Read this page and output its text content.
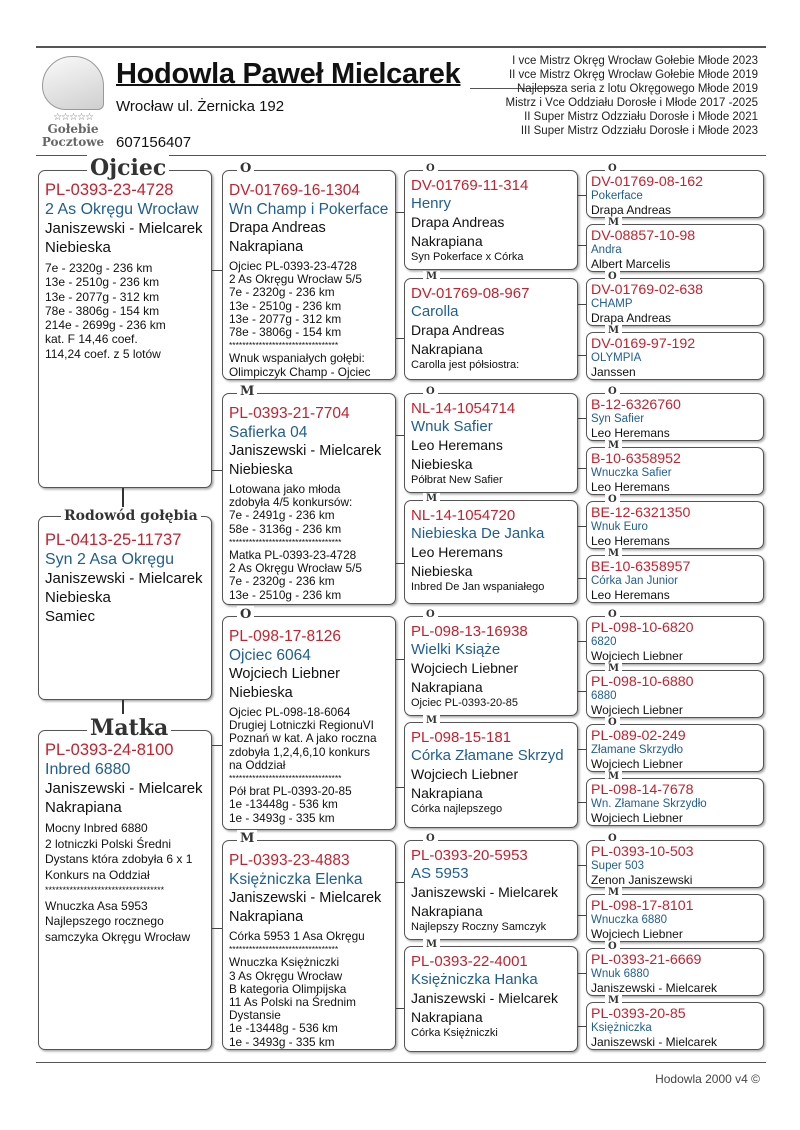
☆☆☆☆☆
Gołebie
Pocztowe
Hodowla Paweł Mielcarek
Wrocław ul. Żernicka 192
607156407
I vce Mistrz Okręg Wrocław Gołebie Młode 2023
II vce Mistrz Okręg Wrocław Gołebie Młode 2019
Najlepsza seria z lotu Okręgowego Młode 2019
Mistrz i Vce Oddziału Dorosłe i Młode 2017 -2025
II Super Mistrz Odzziału Dorosłe i Młode 2021
III Super Mistrz Odzziału Dorosłe i Młode 2023
Ojciec
PL-0393-23-4728
2 As Okręgu Wrocław
Janiszewski - Mielcarek
Niebieska
7e - 2320g - 236 km
13e - 2510g - 236 km
13e - 2077g - 312 km
78e - 3806g - 154 km
214e - 2699g - 236 km
kat. F 14,46 coef.
114,24 coef. z 5 lotów
Rodowód gołębia
PL-0413-25-11737
Syn 2 Asa Okręgu
Janiszewski - Mielcarek
Niebieska
Samiec
Matka
PL-0393-24-8100
Inbred 6880
Janiszewski - Mielcarek
Nakrapiana
Mocny Inbred 6880
2 lotniczki Polski Średni
Dystans która zdobyła 6 x 1
Konkurs na Oddział
**********************************
Wnuczka Asa 5953
Najlepszego rocznego
samczyka Okręgu Wrocław
O
DV-01769-16-1304
Wn Champ i Pokerface
Drapa Andreas
Nakrapiana
Ojciec PL-0393-23-4728
2 As Okręgu Wrocław 5/5
7e - 2320g - 236 km
13e - 2510g - 236 km
13e - 2077g - 312 km
78e - 3806g - 154 km
*********************************
Wnuk wspaniałych gołębi:
Olimpiczyk Champ - Ojciec
M
PL-0393-21-7704
Safierka 04
Janiszewski - Mielcarek
Niebieska
Lotowana jako młoda
zdobyła 4/5 konkursów:
7e - 2491g - 236 km
58e - 3136g - 236 km
**********************************
Matka PL-0393-23-4728
2 As Okręgu Wrocław 5/5
7e - 2320g - 236 km
13e - 2510g - 236 km
O
PL-098-17-8126
Ojciec 6064
Wojciech Liebner
Niebieska
Ojciec PL-098-18-6064
Drugiej Lotniczki RegionuVI
Poznań w kat. A jako roczna
zdobyła 1,2,4,6,10 konkurs
na Oddział
**********************************
Pół brat PL-0393-20-85
1e -13448g - 536 km
1e - 3493g - 335 km
M
PL-0393-23-4883
Księżniczka Elenka
Janiszewski - Mielcarek
Nakrapiana
Córka 5953 1 Asa Okręgu
*********************************
Wnuczka Księżniczki
3 As Okręgu Wrocław
B kategoria Olimpijska
11 As Polski na Średnim
Dystansie
1e -13448g - 536 km
1e - 3493g - 335 km
O
DV-01769-11-314
Henry
Drapa Andreas
Nakrapiana
Syn Pokerface x Córka
M
DV-01769-08-967
Carolla
Drapa Andreas
Nakrapiana
Carolla jest półsiostra:
O
NL-14-1054714
Wnuk Safier
Leo Heremans
Niebieska
Półbrat New Safier
M
NL-14-1054720
Niebieska De Janka
Leo Heremans
Niebieska
Inbred De Jan wspaniałego
O
PL-098-13-16938
Wielki Książe
Wojciech Liebner
Nakrapiana
Ojciec PL-0393-20-85
M
PL-098-15-181
Córka Złamane Skrzyd
Wojciech Liebner
Nakrapiana
Córka najlepszego
O
PL-0393-20-5953
AS 5953
Janiszewski - Mielcarek
Nakrapiana
Najlepszy Roczny Samczyk
M
PL-0393-22-4001
Księżniczka Hanka
Janiszewski - Mielcarek
Nakrapiana
Córka Księżniczki
O
DV-01769-08-162
Pokerface
Drapa Andreas
M
DV-08857-10-98
Andra
Albert Marcelis
O
DV-01769-02-638
CHAMP
Drapa Andreas
M
DV-0169-97-192
OLYMPIA
Janssen
O
B-12-6326760
Syn Safier
Leo Heremans
M
B-10-6358952
Wnuczka Safier
Leo Heremans
O
BE-12-6321350
Wnuk Euro
Leo Heremans
M
BE-10-6358957
Córka Jan Junior
Leo Heremans
O
PL-098-10-6820
6820
Wojciech Liebner
M
PL-098-10-6880
6880
Wojciech Liebner
O
PL-089-02-249
Złamane Skrzydło
Wojciech Liebner
M
PL-098-14-7678
Wn. Złamane Skrzydło
Wojciech Liebner
O
PL-0393-10-503
Super 503
Zenon Janiszewski
M
PL-098-17-8101
Wnuczka 6880
Wojciech Liebner
O
PL-0393-21-6669
Wnuk 6880
Janiszewski - Mielcarek
M
PL-0393-20-85
Księżniczka
Janiszewski - Mielcarek
Hodowla 2000 v4 ©
